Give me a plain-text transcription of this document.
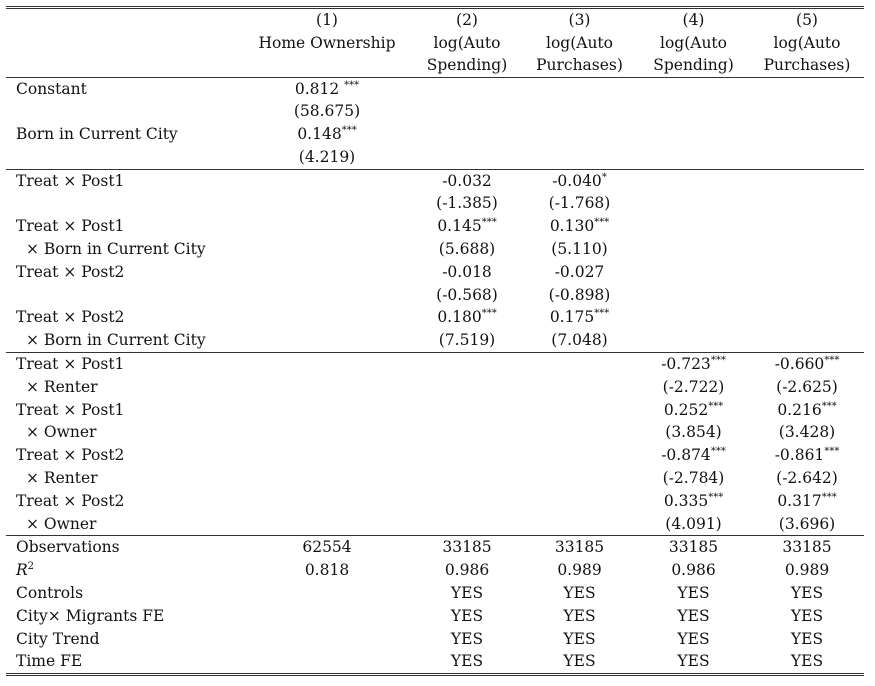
	(1)	(2)	(3)	(4)	(5)
	Home Ownership	log(Auto	log(Auto	log(Auto	log(Auto
		Spending)	Purchases)	Spending)	Purchases)
Constant	0.812 ***				
	(58.675)				
Born in Current City	0.148***				
	(4.219)				
Treat × Post1		-0.032	-0.040*		
		(-1.385)	(-1.768)		
Treat × Post1		0.145***	0.130***		
× Born in Current City		(5.688)	(5.110)		
Treat × Post2		-0.018	-0.027		
		(-0.568)	(-0.898)		
Treat × Post2		0.180***	0.175***		
× Born in Current City		(7.519)	(7.048)		
Treat × Post1				-0.723***	-0.660***
× Renter				(-2.722)	(-2.625)
Treat × Post1				0.252***	0.216***
× Owner				(3.854)	(3.428)
Treat × Post2				-0.874***	-0.861***
× Renter				(-2.784)	(-2.642)
Treat × Post2				0.335***	0.317***
× Owner				(4.091)	(3.696)
Observations	62554	33185	33185	33185	33185
$R^2$	0.818	0.986	0.989	0.986	0.989
Controls		YES	YES	YES	YES
City× Migrants FE		YES	YES	YES	YES
City Trend		YES	YES	YES	YES
Time FE		YES	YES	YES	YES
